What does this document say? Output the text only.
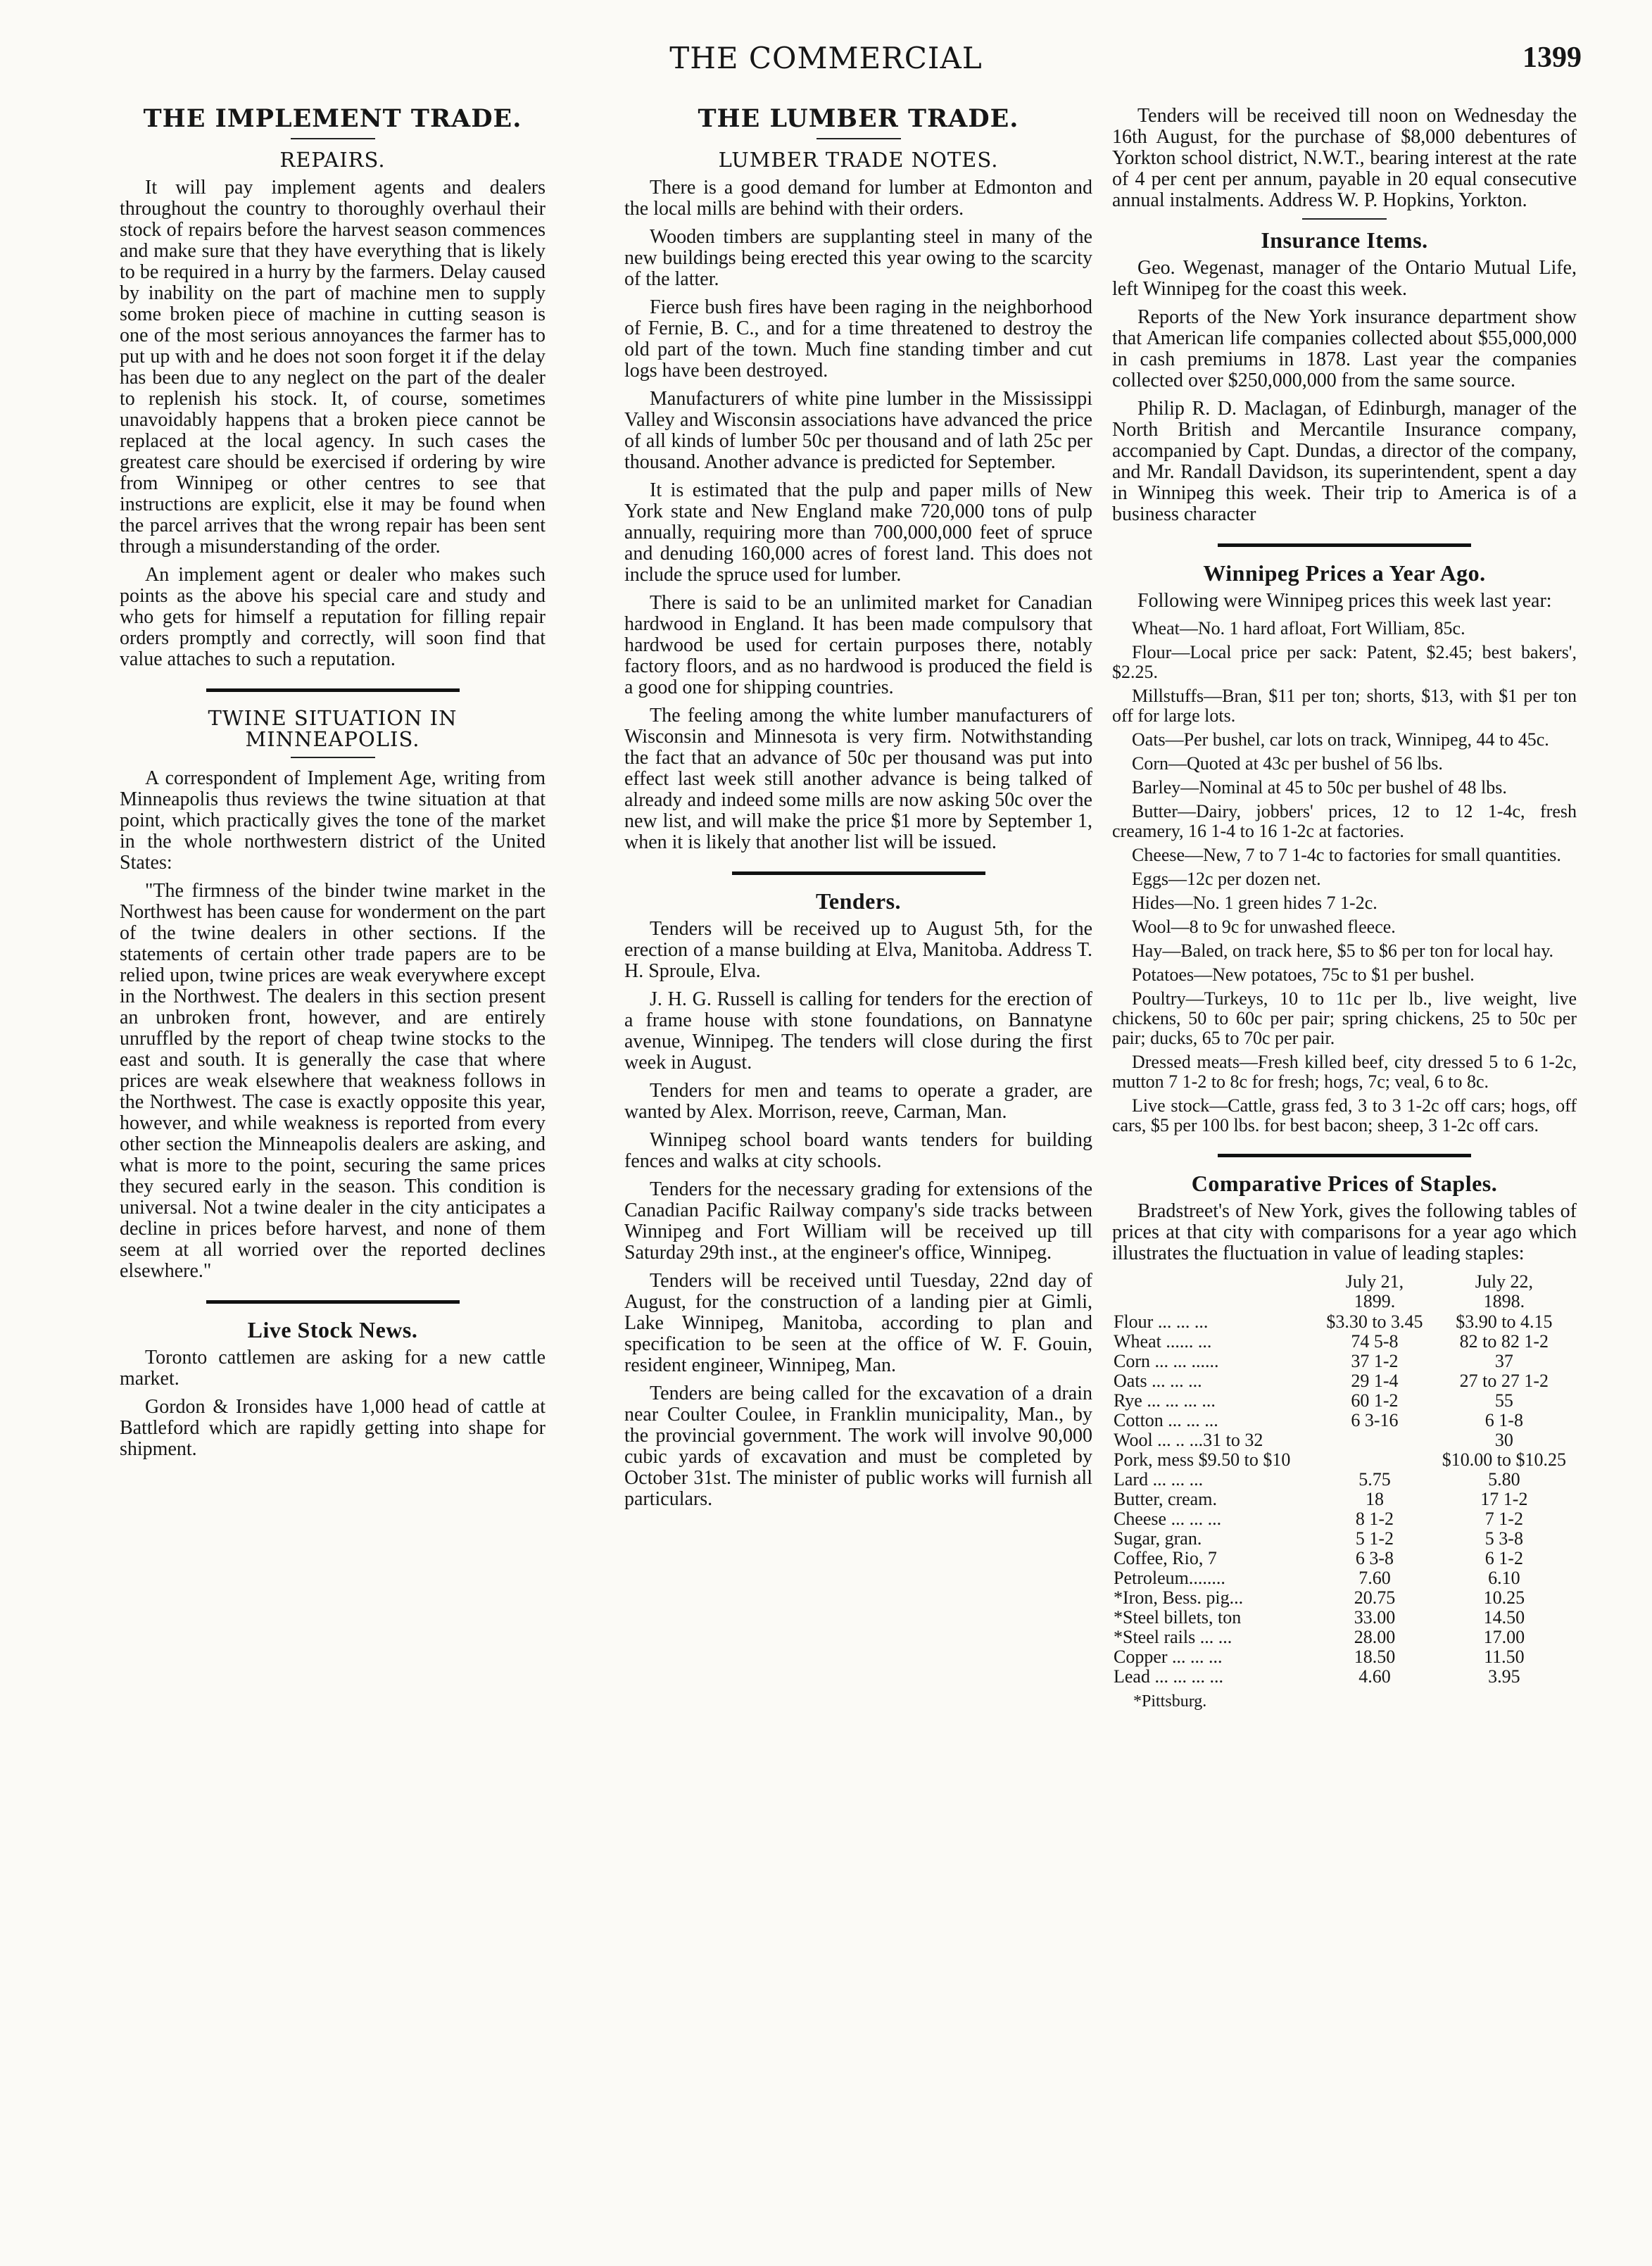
THE COMMERCIAL	1399
THE IMPLEMENT TRADE.
REPAIRS.

It will pay implement agents and dealers throughout the country to thoroughly overhaul their stock of repairs before the harvest season commences and make sure that they have everything that is likely to be required in a hurry by the farmers. Delay caused by inability on the part of machine men to supply some broken piece of machine in cutting season is one of the most serious annoyances the farmer has to put up with and he does not soon forget it if the delay has been due to any neglect on the part of the dealer to replenish his stock. It, of course, sometimes unavoidably happens that a broken piece cannot be replaced at the local agency. In such cases the greatest care should be exercised if ordering by wire from Winnipeg or other centres to see that instructions are explicit, else it may be found when the parcel arrives that the wrong repair has been sent through a misunderstanding of the order.

An implement agent or dealer who makes such points as the above his special care and study and who gets for himself a reputation for filling repair orders promptly and correctly, will soon find that value attaches to such a reputation.

TWINE SITUATION IN MINNEAPOLIS.

A correspondent of Implement Age, writing from Minneapolis thus reviews the twine situation at that point, which practically gives the tone of the market in the whole northwestern district of the United States:

"The firmness of the binder twine market in the Northwest has been cause for wonderment on the part of the twine dealers in other sections. If the statements of certain other trade papers are to be relied upon, twine prices are weak everywhere except in the Northwest. The dealers in this section present an unbroken front, however, and are entirely unruffled by the report of cheap twine stocks to the east and south. It is generally the case that where prices are weak elsewhere that weakness follows in the Northwest. The case is exactly opposite this year, however, and while weakness is reported from every other section the Minneapolis dealers are asking, and what is more to the point, securing the same prices they secured early in the season. This condition is universal. Not a twine dealer in the city anticipates a decline in prices before harvest, and none of them seem at all worried over the reported declines elsewhere."

Live Stock News.

Toronto cattlemen are asking for a new cattle market.

Gordon & Ironsides have 1,000 head of cattle at Battleford which are rapidly getting into shape for shipment.

THE LUMBER TRADE.
LUMBER TRADE NOTES.

There is a good demand for lumber at Edmonton and the local mills are behind with their orders.

Wooden timbers are supplanting steel in many of the new buildings being erected this year owing to the scarcity of the latter.

Fierce bush fires have been raging in the neighborhood of Fernie, B. C., and for a time threatened to destroy the old part of the town. Much fine standing timber and cut logs have been destroyed.

Manufacturers of white pine lumber in the Mississippi Valley and Wisconsin associations have advanced the price of all kinds of lumber 50c per thousand and of lath 25c per thousand. Another advance is predicted for September.

It is estimated that the pulp and paper mills of New York state and New England make 720,000 tons of pulp annually, requiring more than 700,000,000 feet of spruce and denuding 160,000 acres of forest land. This does not include the spruce used for lumber.

There is said to be an unlimited market for Canadian hardwood in England. It has been made compulsory that hardwood be used for certain purposes there, notably factory floors, and as no hardwood is produced the field is a good one for shipping countries.

The feeling among the white lumber manufacturers of Wisconsin and Minnesota is very firm. Notwithstanding the fact that an advance of 50c per thousand was put into effect last week still another advance is being talked of already and indeed some mills are now asking 50c over the new list, and will make the price $1 more by September 1, when it is likely that another list will be issued.

Tenders.

Tenders will be received up to August 5th, for the erection of a manse building at Elva, Manitoba. Address T. H. Sproule, Elva.

J. H. G. Russell is calling for tenders for the erection of a frame house with stone foundations, on Bannatyne avenue, Winnipeg. The tenders will close during the first week in August.

Tenders for men and teams to operate a grader, are wanted by Alex. Morrison, reeve, Carman, Man.

Winnipeg school board wants tenders for building fences and walks at city schools.

Tenders for the necessary grading for extensions of the Canadian Pacific Railway company's side tracks between Winnipeg and Fort William will be received up till Saturday 29th inst., at the engineer's office, Winnipeg.

Tenders will be received until Tuesday, 22nd day of August, for the construction of a landing pier at Gimli, Lake Winnipeg, Manitoba, according to plan and specification to be seen at the office of W. F. Gouin, resident engineer, Winnipeg, Man.

Tenders are being called for the excavation of a drain near Coulter Coulee, in Franklin municipality, Man., by the provincial government. The work will involve 90,000 cubic yards of excavation and must be completed by October 31st. The minister of public works will furnish all particulars.

Tenders will be received till noon on Wednesday the 16th August, for the purchase of $8,000 debentures of Yorkton school district, N.W.T., bearing interest at the rate of 4 per cent per annum, payable in 20 equal consecutive annual instalments. Address W. P. Hopkins, Yorkton.

Insurance Items.

Geo. Wegenast, manager of the Ontario Mutual Life, left Winnipeg for the coast this week.

Reports of the New York insurance department show that American life companies collected about $55,000,000 in cash premiums in 1878. Last year the companies collected over $250,000,000 from the same source.

Philip R. D. Maclagan, of Edinburgh, manager of the North British and Mercantile Insurance company, accompanied by Capt. Dundas, a director of the company, and Mr. Randall Davidson, its superintendent, spent a day in Winnipeg this week. Their trip to America is of a business character

Winnipeg Prices a Year Ago.

Following were Winnipeg prices this week last year:

Wheat—No. 1 hard afloat, Fort William, 85c.
Flour—Local price per sack: Patent, $2.45; best bakers', $2.25.
Millstuffs—Bran, $11 per ton; shorts, $13, with $1 per ton off for large lots.
Oats—Per bushel, car lots on track, Winnipeg, 44 to 45c.
Corn—Quoted at 43c per bushel of 56 lbs.
Barley—Nominal at 45 to 50c per bushel of 48 lbs.
Butter—Dairy, jobbers' prices, 12 to 12 1-4c, fresh creamery, 16 1-4 to 16 1-2c at factories.
Cheese—New, 7 to 7 1-4c to factories for small quantities.
Eggs—12c per dozen net.
Hides—No. 1 green hides 7 1-2c.
Wool—8 to 9c for unwashed fleece.
Hay—Baled, on track here, $5 to $6 per ton for local hay.
Potatoes—New potatoes, 75c to $1 per bushel.
Poultry—Turkeys, 10 to 11c per lb., live weight, live chickens, 50 to 60c per pair; spring chickens, 25 to 50c per pair; ducks, 65 to 70c per pair.
Dressed meats—Fresh killed beef, city dressed 5 to 6 1-2c, mutton 7 1-2 to 8c for fresh; hogs, 7c; veal, 6 to 8c.
Live stock—Cattle, grass fed, 3 to 3 1-2c off cars; hogs, off cars, $5 per 100 lbs. for best bacon; sheep, 3 1-2c off cars.
Comparative Prices of Staples.

Bradstreet's of New York, gives the following tables of prices at that city with comparisons for a year ago which illustrates the fluctuation in value of leading staples:

	July 21,
1899.	July 22,
1898.
Flour ... ... ...	$3.30 to 3.45	$3.90 to 4.15
Wheat ...... ...	74 5-8	82 to 82 1-2
Corn ... ... ......	37 1-2	37
Oats ... ... ...	29 1-4	27 to 27 1-2
Rye ... ... ... ...	60 1-2	55
Cotton ... ... ...	6 3-16	6 1-8
Wool ... .. ...31 to 32		30
Pork, mess $9.50 to $10		$10.00 to $10.25
Lard ... ... ...	5.75	5.80
Butter, cream.	18	17 1-2
Cheese ... ... ...	8 1-2	7 1-2
Sugar, gran.	5 1-2	5 3-8
Coffee, Rio, 7	6 3-8	6 1-2
Petroleum........	7.60	6.10
*Iron, Bess. pig...	20.75	10.25
*Steel billets, ton	33.00	14.50
*Steel rails ... ...	28.00	17.00
Copper ... ... ...	18.50	11.50
Lead ... ... ... ...	4.60	3.95
*Pittsburg.
